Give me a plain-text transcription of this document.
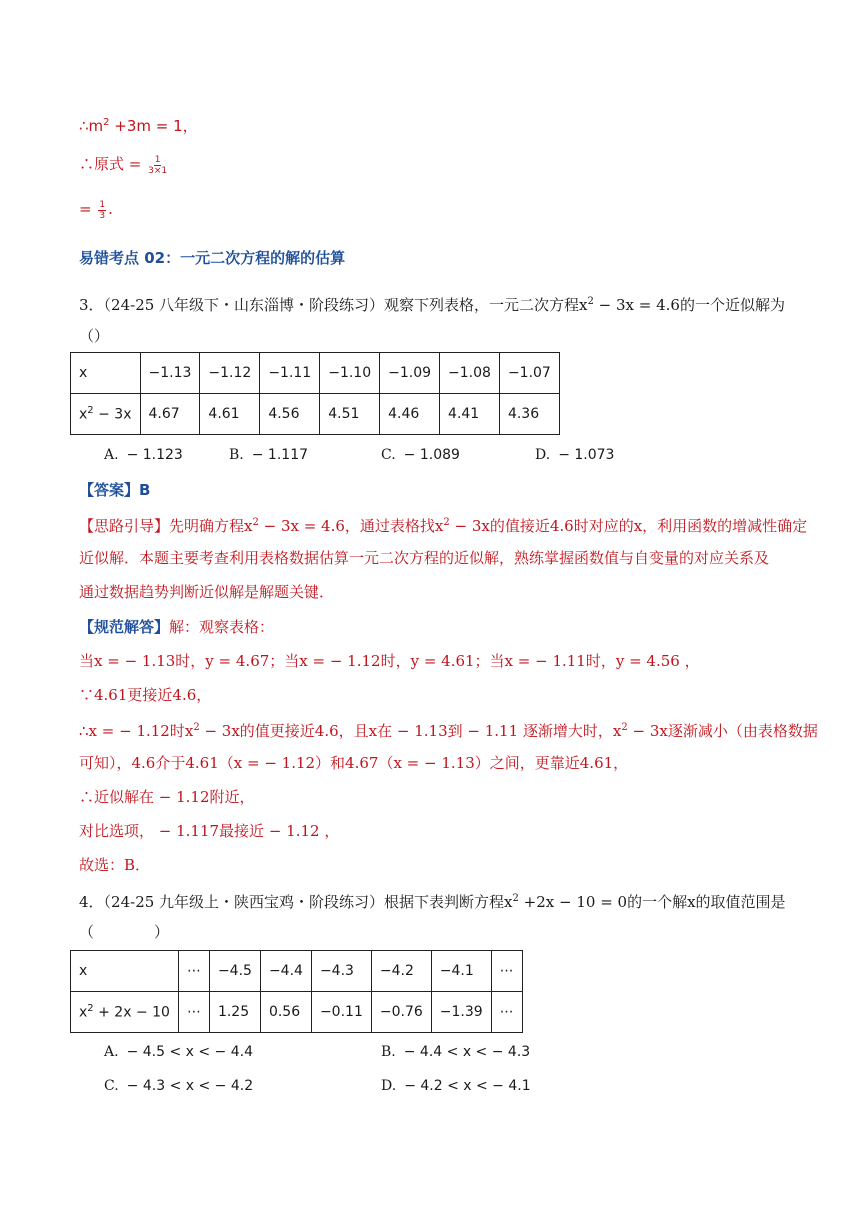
$\therefore m^2 +3m = 1$，
∴原式 = $\frac{1}{3\times 1}$
= $\frac{1}{3}$ .
易错考点 02：一元二次方程的解的估算
3．（24-25 八年级下・山东淄博・阶段练习）观察下列表格，一元二次方程$x^2 - 3x = 4.6$的一个近似解为
（）
x	−1.13	−1.12	−1.11	−1.10	−1.09	−1.08	−1.07
$x^2 - 3x$	4.67	4.61	4.56	4.51	4.46	4.41	4.36
A. − 1.123	B. − 1.117	C. − 1.089	D. − 1.073
【答案】B
【思路引导】先明确方程$x^2 - 3x = 4.6$，通过表格找$x^2 - 3x$的值接近4.6时对应的x，利用函数的增减性确定
近似解．本题主要考查利用表格数据估算一元二次方程的近似解，熟练掌握函数值与自变量的对应关系及
通过数据趋势判断近似解是解题关键．
【规范解答】解：观察表格：
当x = − 1.13时，y = 4.67；当x = − 1.12时，y = 4.61；当x = − 1.11时，y = 4.56 ，
∵4.61更接近4.6，
∴x = − 1.12时$x^2 - 3x$的值更接近4.6，且x在 − 1.13到 − 1.11 逐渐增大时，$x^2 - 3x$逐渐减小（由表格数据
可知），4.6介于4.61（x = − 1.12）和4.67（x = − 1.13）之间，更靠近4.61，
∴近似解在 − 1.12附近，
对比选项， − 1.117最接近 − 1.12 ，
故选：B．
4．（24-25 九年级上・陕西宝鸡・阶段练习）根据下表判断方程$x^2 +2x - 10 = 0$的一个解x的取值范围是
（　　　　）
x	⋯	−4.5	−4.4	−4.3	−4.2	−4.1	⋯
$x^2 + 2x - 10$	⋯	1.25	0.56	−0.11	−0.76	−1.39	⋯
A. − 4.5 < x < − 4.4	B. − 4.4 < x < − 4.3
C. − 4.3 < x < − 4.2	D. − 4.2 < x < − 4.1
